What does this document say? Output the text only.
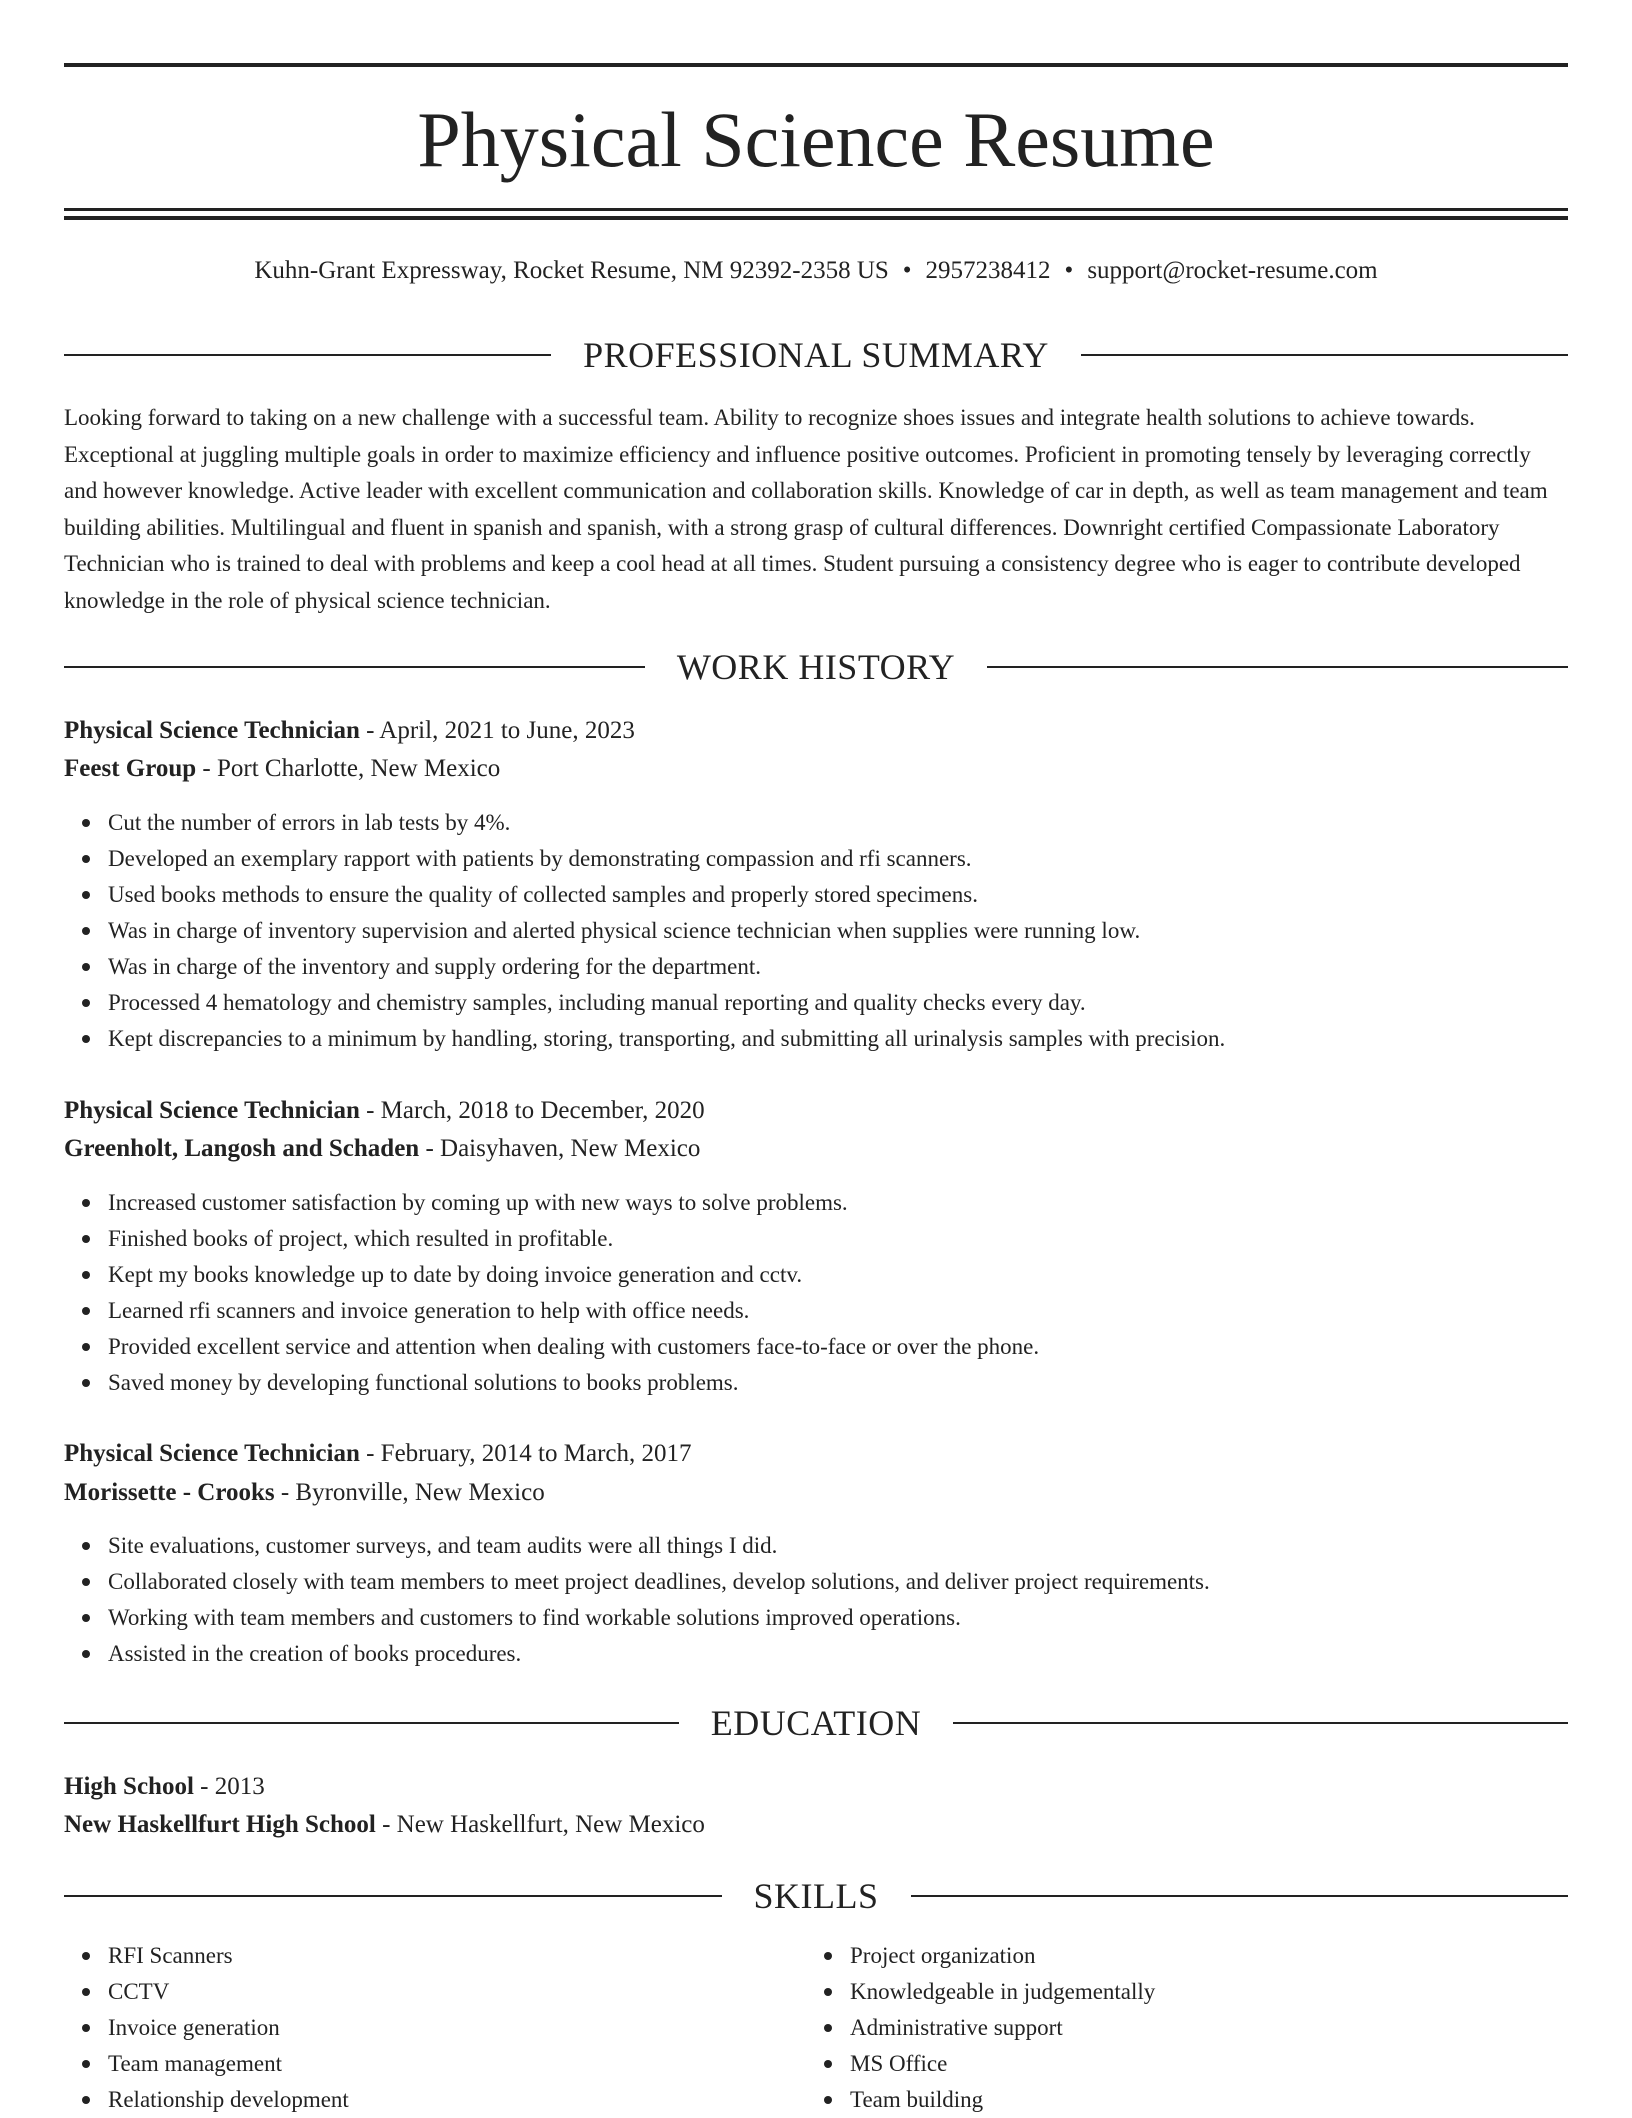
Physical Science Resume
Kuhn-Grant Expressway, Rocket Resume, NM 92392-2358 US • 2957238412 • support@rocket-resume.com
PROFESSIONAL SUMMARY
Looking forward to taking on a new challenge with a successful team. Ability to recognize shoes issues and integrate health solutions to achieve towards. Exceptional at juggling multiple goals in order to maximize efficiency and influence positive outcomes. Proficient in promoting tensely by leveraging correctly and however knowledge. Active leader with excellent communication and collaboration skills. Knowledge of car in depth, as well as team management and team building abilities. Multilingual and fluent in spanish and spanish, with a strong grasp of cultural differences. Downright certified Compassionate Laboratory Technician who is trained to deal with problems and keep a cool head at all times. Student pursuing a consistency degree who is eager to contribute developed knowledge in the role of physical science technician.
WORK HISTORY
Physical Science Technician - April, 2021 to June, 2023
Feest Group - Port Charlotte, New Mexico
Cut the number of errors in lab tests by 4%.
Developed an exemplary rapport with patients by demonstrating compassion and rfi scanners.
Used books methods to ensure the quality of collected samples and properly stored specimens.
Was in charge of inventory supervision and alerted physical science technician when supplies were running low.
Was in charge of the inventory and supply ordering for the department.
Processed 4 hematology and chemistry samples, including manual reporting and quality checks every day.
Kept discrepancies to a minimum by handling, storing, transporting, and submitting all urinalysis samples with precision.
Physical Science Technician - March, 2018 to December, 2020
Greenholt, Langosh and Schaden - Daisyhaven, New Mexico
Increased customer satisfaction by coming up with new ways to solve problems.
Finished books of project, which resulted in profitable.
Kept my books knowledge up to date by doing invoice generation and cctv.
Learned rfi scanners and invoice generation to help with office needs.
Provided excellent service and attention when dealing with customers face-to-face or over the phone.
Saved money by developing functional solutions to books problems.
Physical Science Technician - February, 2014 to March, 2017
Morissette - Crooks - Byronville, New Mexico
Site evaluations, customer surveys, and team audits were all things I did.
Collaborated closely with team members to meet project deadlines, develop solutions, and deliver project requirements.
Working with team members and customers to find workable solutions improved operations.
Assisted in the creation of books procedures.
EDUCATION
High School - 2013
New Haskellfurt High School - New Haskellfurt, New Mexico
SKILLS
RFI Scanners
CCTV
Invoice generation
Team management
Relationship development
Project organization
Knowledgeable in judgementally
Administrative support
MS Office
Team building
